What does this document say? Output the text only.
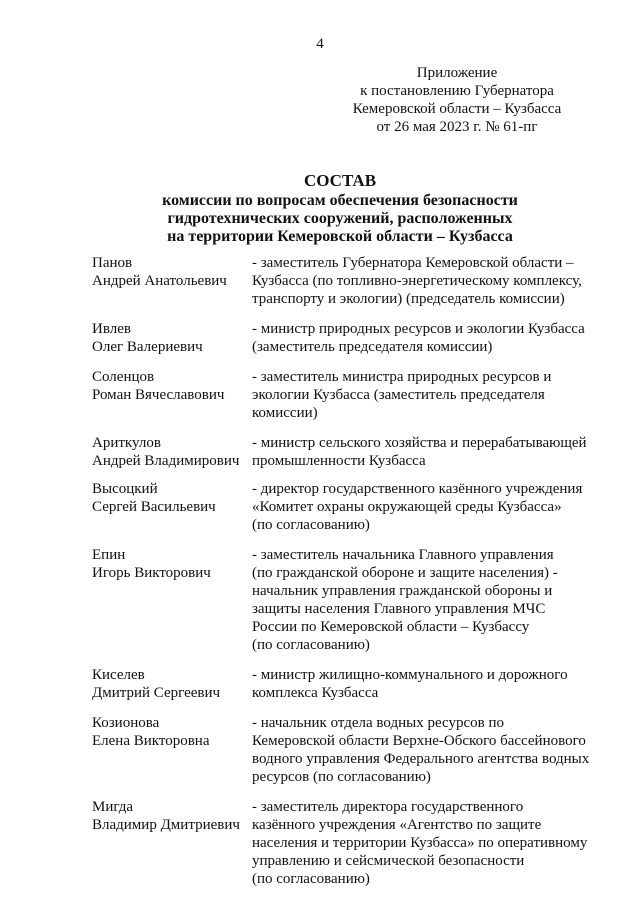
4
Приложение
к постановлению Губернатора
Кемеровской области – Кузбасса
от 26 мая 2023 г. № 61-пг
СОСТАВ
комиссии по вопросам обеспечения безопасности
гидротехнических сооружений, расположенных
на территории Кемеровской области – Кузбасса
Панов
Андрей Анатольевич
- заместитель Губернатора Кемеровской области –
Кузбасса (по топливно-энергетическому комплексу,
транспорту и экологии) (председатель комиссии)
Ивлев
Олег Валериевич
- министр природных ресурсов и экологии Кузбасса
(заместитель председателя комиссии)
Соленцов
Роман Вячеславович
- заместитель министра природных ресурсов и
экологии Кузбасса (заместитель председателя
комиссии)
Ариткулов
Андрей Владимирович
- министр сельского хозяйства и перерабатывающей
промышленности Кузбасса
Высоцкий
Сергей Васильевич
- директор государственного казённого учреждения
«Комитет охраны окружающей среды Кузбасса»
(по согласованию)
Епин
Игорь Викторович
- заместитель начальника Главного управления
(по гражданской обороне и защите населения) -
начальник управления гражданской обороны и
защиты населения Главного управления МЧС
России по Кемеровской области – Кузбассу
(по согласованию)
Киселев
Дмитрий Сергеевич
- министр жилищно-коммунального и дорожного
комплекса Кузбасса
Козионова
Елена Викторовна
- начальник отдела водных ресурсов по
Кемеровской области Верхне-Обского бассейнового
водного управления Федерального агентства водных
ресурсов (по согласованию)
Мигда
Владимир Дмитриевич
- заместитель директора государственного
казённого учреждения «Агентство по защите
населения и территории Кузбасса» по оперативному
управлению и сейсмической безопасности
(по согласованию)
